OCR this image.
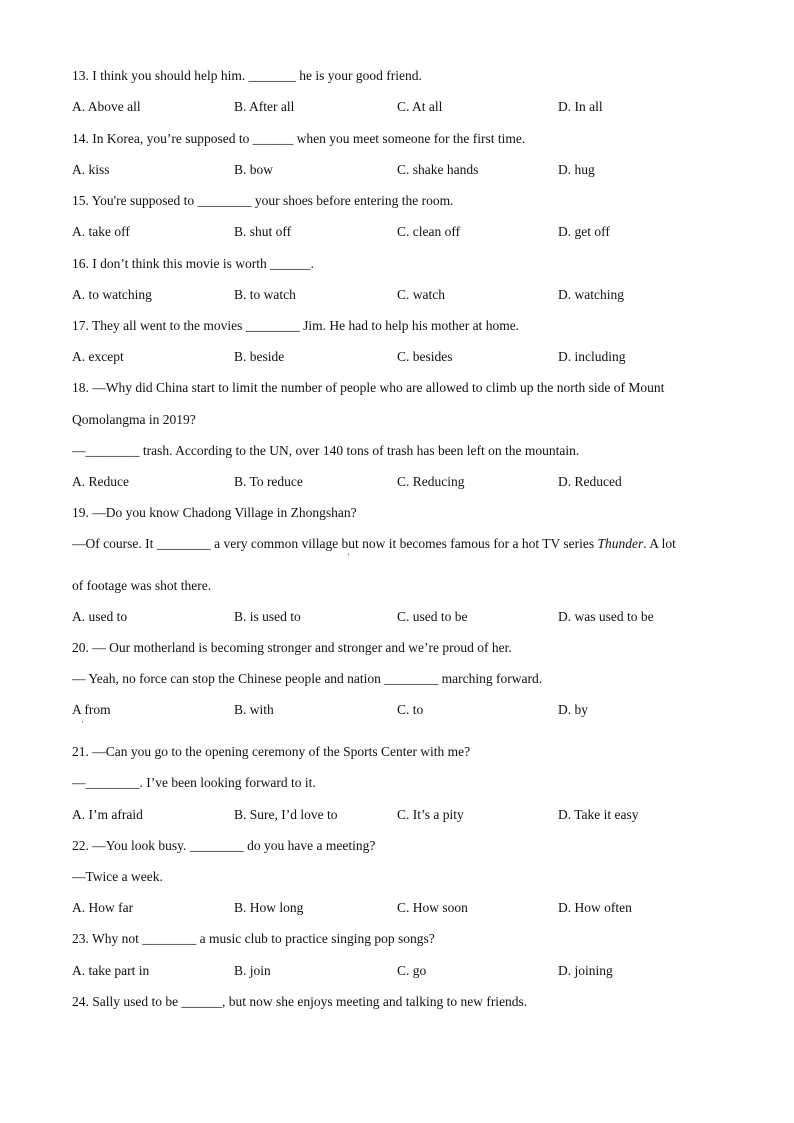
13. I think you should help him. _______ he is your good friend.
A. Above all	B. After all	C. At all	D. In all
14. In Korea, you’re supposed to ______ when you meet someone for the first time.
A. kiss	B. bow	C. shake hands	D. hug
15. You're supposed to ________ your shoes before entering the room.
A. take off	B. shut off	C. clean off	D. get off
16. I don’t think this movie is worth ______.
A. to watching	B. to watch	C. watch	D. watching
17. They all went to the movies ________ Jim. He had to help his mother at home.
A. except	B. beside	C. besides	D. including
18. —Why did China start to limit the number of people who are allowed to climb up the north side of Mount
Qomolangma in 2019?
—________ trash. According to the UN, over 140 tons of trash has been left on the mountain.
A. Reduce	B. To reduce	C. Reducing	D. Reduced
19. —Do you know Chadong Village in Zhongshan?
—Of course. It ________ a very common village but now it becomes famous for a hot TV series Thunder. A lot
'
of footage was shot there.
A. used to	B. is used to	C. used to be	D. was used to be
20. — Our motherland is becoming stronger and stronger and we’re proud of her.
— Yeah, no force can stop the Chinese people and nation ________ marching forward.
A from	B. with	C. to	D. by
·
21. —Can you go to the opening ceremony of the Sports Center with me?
—________. I’ve been looking forward to it.
A. I’m afraid	B. Sure, I’d love to	C. It’s a pity	D. Take it easy
22. —You look busy. ________ do you have a meeting?
—Twice a week.
A. How far	B. How long	C. How soon	D. How often
23. Why not ________ a music club to practice singing pop songs?
A. take part in	B. join	C. go	D. joining
24. Sally used to be ______, but now she enjoys meeting and talking to new friends.
